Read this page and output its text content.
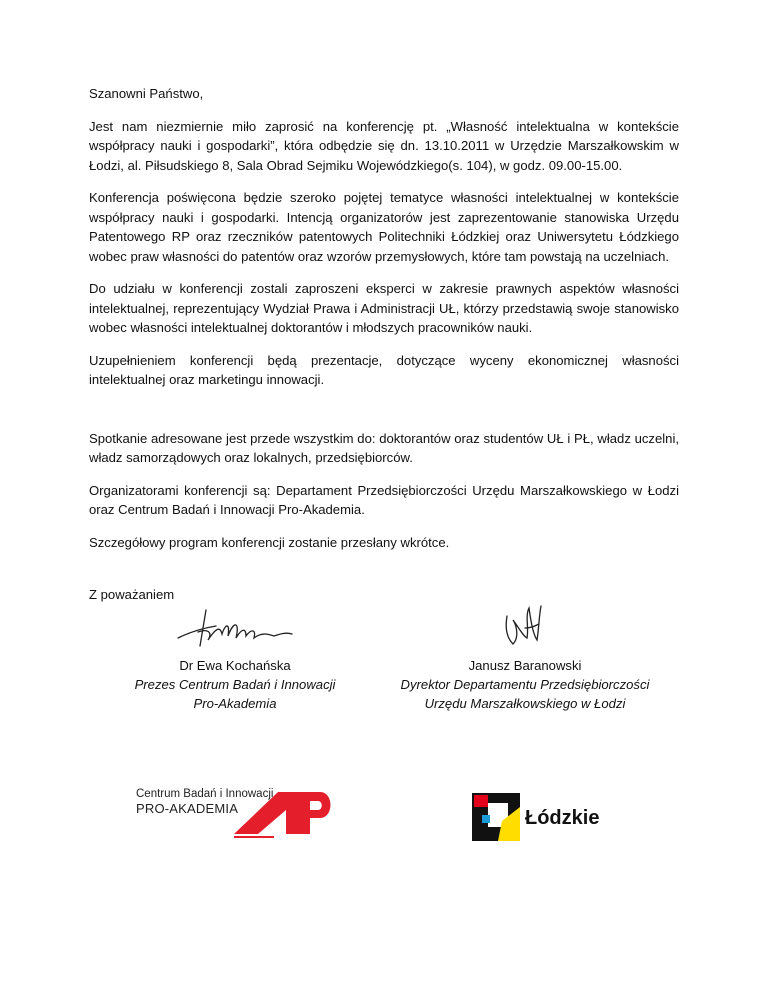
Szanowni Państwo,

Jest nam niezmiernie miło zaprosić na konferencję pt. „Własność intelektualna w kontekście współpracy nauki i gospodarki”, która odbędzie się dn. 13.10.2011 w Urzędzie Marszałkowskim w Łodzi, al. Piłsudskiego 8, Sala Obrad Sejmiku Wojewódzkiego(s. 104), w godz. 09.00-15.00.

Konferencja poświęcona będzie szeroko pojętej tematyce własności intelektualnej w kontekście współpracy nauki i gospodarki. Intencją organizatorów jest zaprezentowanie stanowiska Urzędu Patentowego RP oraz rzeczników patentowych Politechniki Łódzkiej oraz Uniwersytetu Łódzkiego wobec praw własności do patentów oraz wzorów przemysłowych, które tam powstają na uczelniach.

Do udziału w konferencji zostali zaproszeni eksperci w zakresie prawnych aspektów własności intelektualnej, reprezentujący Wydział Prawa i Administracji UŁ, którzy przedstawią swoje stanowisko wobec własności intelektualnej doktorantów i młodszych pracowników nauki.

Uzupełnieniem konferencji będą prezentacje, dotyczące wyceny ekonomicznej własności intelektualnej oraz marketingu innowacji.

Spotkanie adresowane jest przede wszystkim do: doktorantów oraz studentów UŁ i PŁ, władz uczelni, władz samorządowych oraz lokalnych, przedsiębiorców.

Organizatorami konferencji są: Departament Przedsiębiorczości Urzędu Marszałkowskiego w Łodzi oraz Centrum Badań i Innowacji Pro-Akademia.

Szczegółowy program konferencji zostanie przesłany wkrótce.

Z poważaniem

Dr Ewa Kochańska
Prezes Centrum Badań i Innowacji
Pro-Akademia
Janusz Baranowski
Dyrektor Departamentu Przedsiębiorczości
Urzędu Marszałkowskiego w Łodzi
Centrum Badań i Innowacji
PRO-AKADEMIA	Łódzkie
